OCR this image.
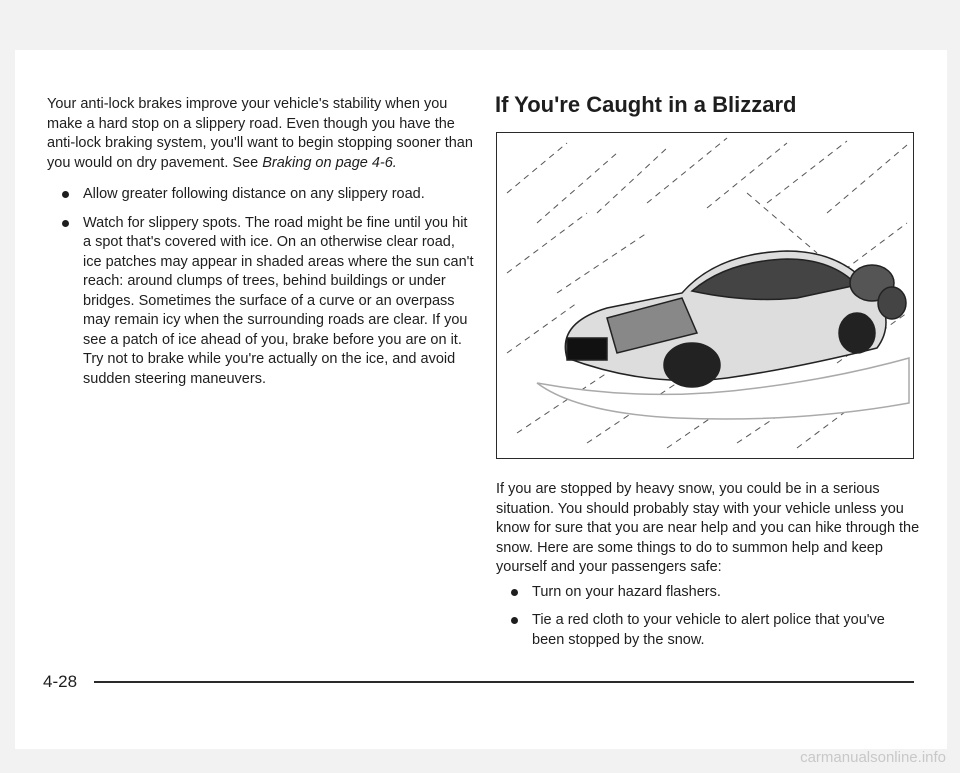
Your anti-lock brakes improve your vehicle's stability when you make a hard stop on a slippery road. Even though you have the anti-lock braking system, you'll want to begin stopping sooner than you would on dry pavement. See Braking on page 4-6.

Allow greater following distance on any slippery road.
Watch for slippery spots. The road might be fine until you hit a spot that's covered with ice. On an otherwise clear road, ice patches may appear in shaded areas where the sun can't reach: around clumps of trees, behind buildings or under bridges. Sometimes the surface of a curve or an overpass may remain icy when the surrounding roads are clear. If you see a patch of ice ahead of you, brake before you are on it. Try not to brake while you're actually on the ice, and avoid sudden steering maneuvers.
If You're Caught in a Blizzard

If you are stopped by heavy snow, you could be in a serious situation. You should probably stay with your vehicle unless you know for sure that you are near help and you can hike through the snow. Here are some things to do to summon help and keep yourself and your passengers safe:

Turn on your hazard flashers.
Tie a red cloth to your vehicle to alert police that you've been stopped by the snow.
4-28
carmanualsonline.info
